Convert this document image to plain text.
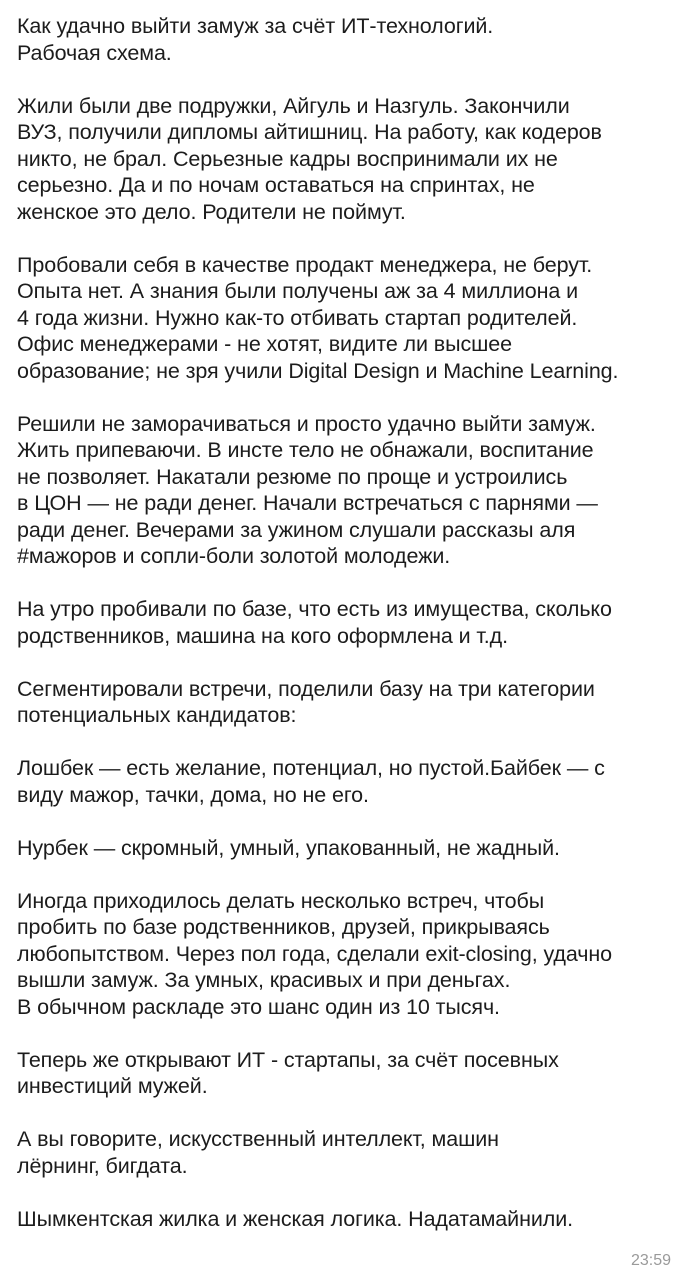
Как удачно выйти замуж за счёт ИТ-технологий.
Рабочая схема.
Жили были две подружки, Айгуль и Назгуль. Закончили
ВУЗ, получили дипломы айтишниц. На работу, как кодеров
никто, не брал. Серьезные кадры воспринимали их не
серьезно. Да и по ночам оставаться на спринтах, не
женское это дело. Родители не поймут.
Пробовали себя в качестве продакт менеджера, не берут.
Опыта нет. А знания были получены аж за 4 миллиона и
4 года жизни. Нужно как-то отбивать стартап родителей.
Офис менеджерами - не хотят, видите ли высшее
образование; не зря учили Digital Design и Machine Learning.
Решили не заморачиваться и просто удачно выйти замуж.
Жить припеваючи. В инсте тело не обнажали, воспитание
не позволяет. Накатали резюме по проще и устроились
в ЦОН — не ради денег. Начали встречаться с парнями —
ради денег. Вечерами за ужином слушали рассказы аля
#мажоров и сопли-боли золотой молодежи.
На утро пробивали по базе, что есть из имущества, сколько
родственников, машина на кого оформлена и т.д.
Сегментировали встречи, поделили базу на три категории
потенциальных кандидатов:
Лошбек — есть желание, потенциал, но пустой.Байбек — с
виду мажор, тачки, дома, но не его.
Нурбек — скромный, умный, упакованный, не жадный.
Иногда приходилось делать несколько встреч, чтобы
пробить по базе родственников, друзей, прикрываясь
любопытством. Через пол года, сделали exit-closing, удачно
вышли замуж. За умных, красивых и при деньгах.
В обычном раскладе это шанс один из 10 тысяч.
Теперь же открывают ИТ - стартапы, за счёт посевных
инвестиций мужей.
А вы говорите, искусственный интеллект, машин
лёрнинг, бигдата.
Шымкентская жилка и женская логика. Надатамайнили.
23:59
